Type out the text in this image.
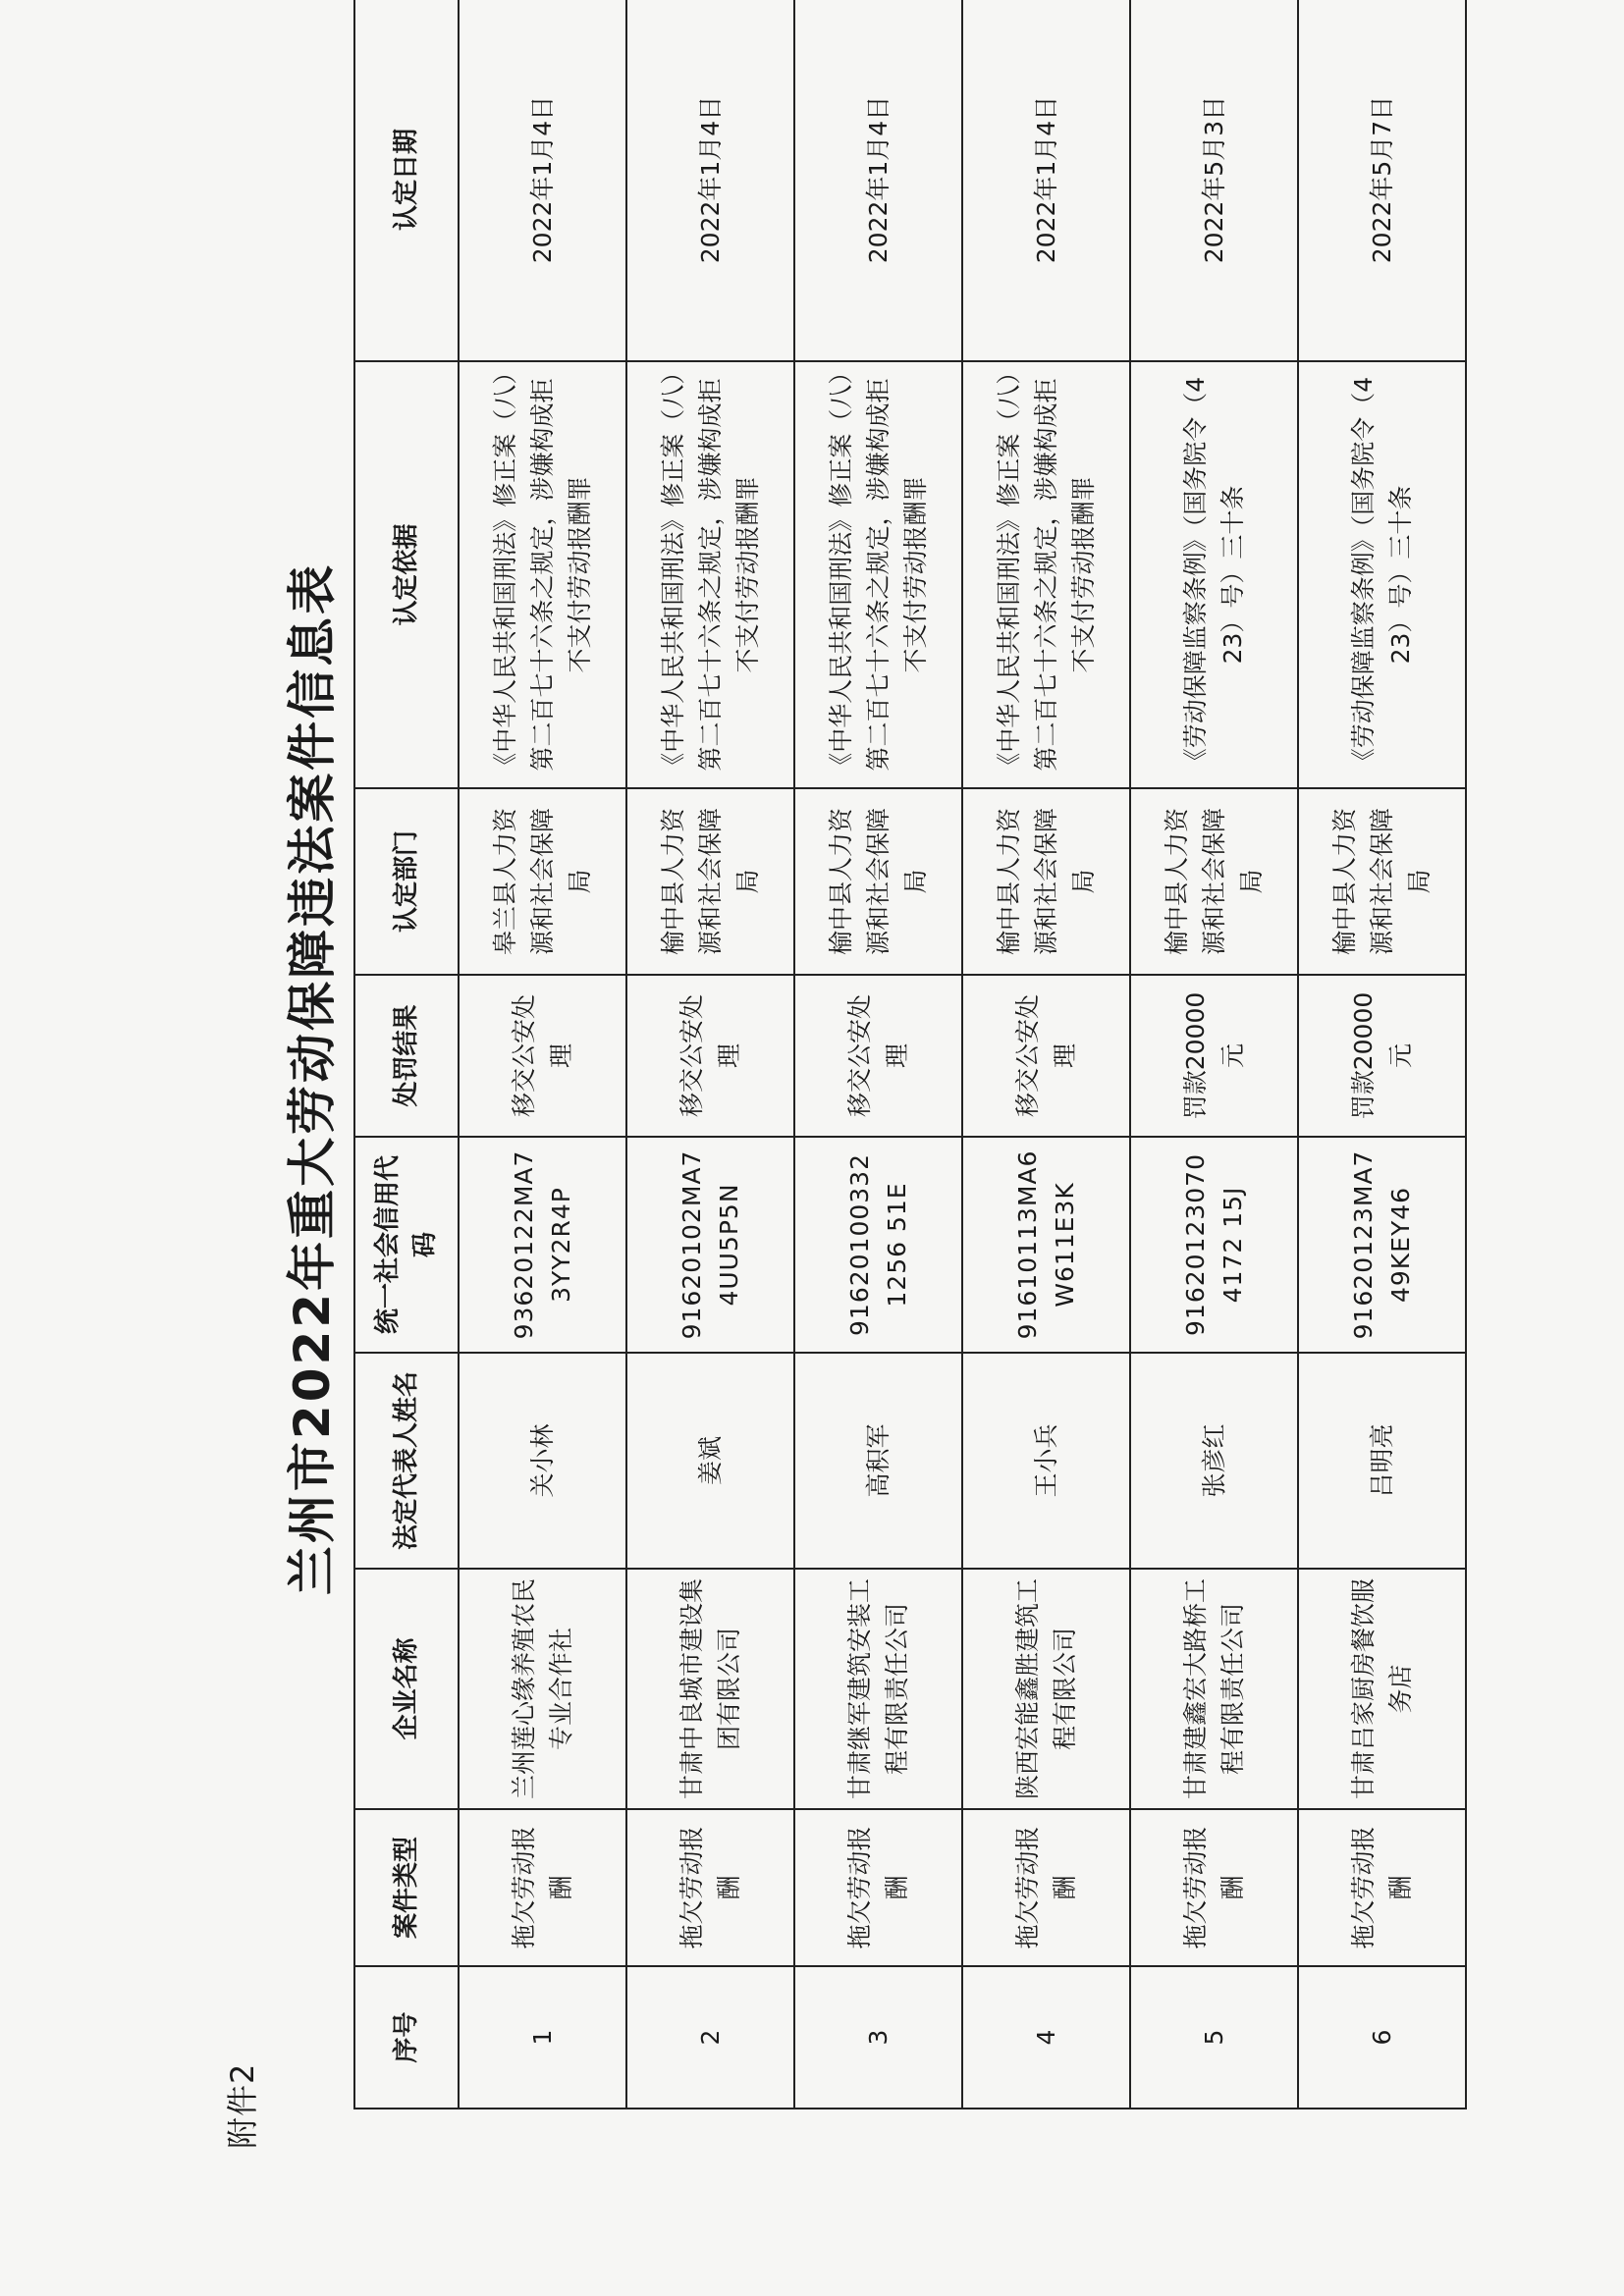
附件2
兰州市2022年重大劳动保障违法案件信息表
序号	案件类型	企业名称	法定代表人姓名	统一社会信用代码	处罚结果	认定部门	认定依据	认定日期
1	拖欠劳动报酬	兰州莲心缘养殖农民专业合作社	关小林	93620122MA73YY2R4P	移交公安处理	皋兰县人力资源和社会保障局	《中华人民共和国刑法》修正案（八）第二百七十六条之规定，涉嫌构成拒不支付劳动报酬罪	2022年1月4日
2	拖欠劳动报酬	甘肃中良城市建设集团有限公司	姜斌	91620102MA74UU5P5N	移交公安处理	榆中县人力资源和社会保障局	《中华人民共和国刑法》修正案（八）第二百七十六条之规定，涉嫌构成拒不支付劳动报酬罪	2022年1月4日
3	拖欠劳动报酬	甘肃继军建筑安装工程有限责任公司	高积军	916201003321256 51E	移交公安处理	榆中县人力资源和社会保障局	《中华人民共和国刑法》修正案（八）第二百七十六条之规定，涉嫌构成拒不支付劳动报酬罪	2022年1月4日
4	拖欠劳动报酬	陕西宏能鑫胜建筑工程有限公司	王小兵	91610113MA6W611E3K	移交公安处理	榆中县人力资源和社会保障局	《中华人民共和国刑法》修正案（八）第二百七十六条之规定，涉嫌构成拒不支付劳动报酬罪	2022年1月4日
5	拖欠劳动报酬	甘肃建鑫宏大路桥工程有限责任公司	张彦红	916201230704172 15J	罚款20000元	榆中县人力资源和社会保障局	《劳动保障监察条例》（国务院令（423）号）三十条	2022年5月3日
6	拖欠劳动报酬	甘肃吕家厨房餐饮服务店	吕明亮	91620123MA749KEY46	罚款20000元	榆中县人力资源和社会保障局	《劳动保障监察条例》（国务院令（423）号）三十条	2022年5月7日
